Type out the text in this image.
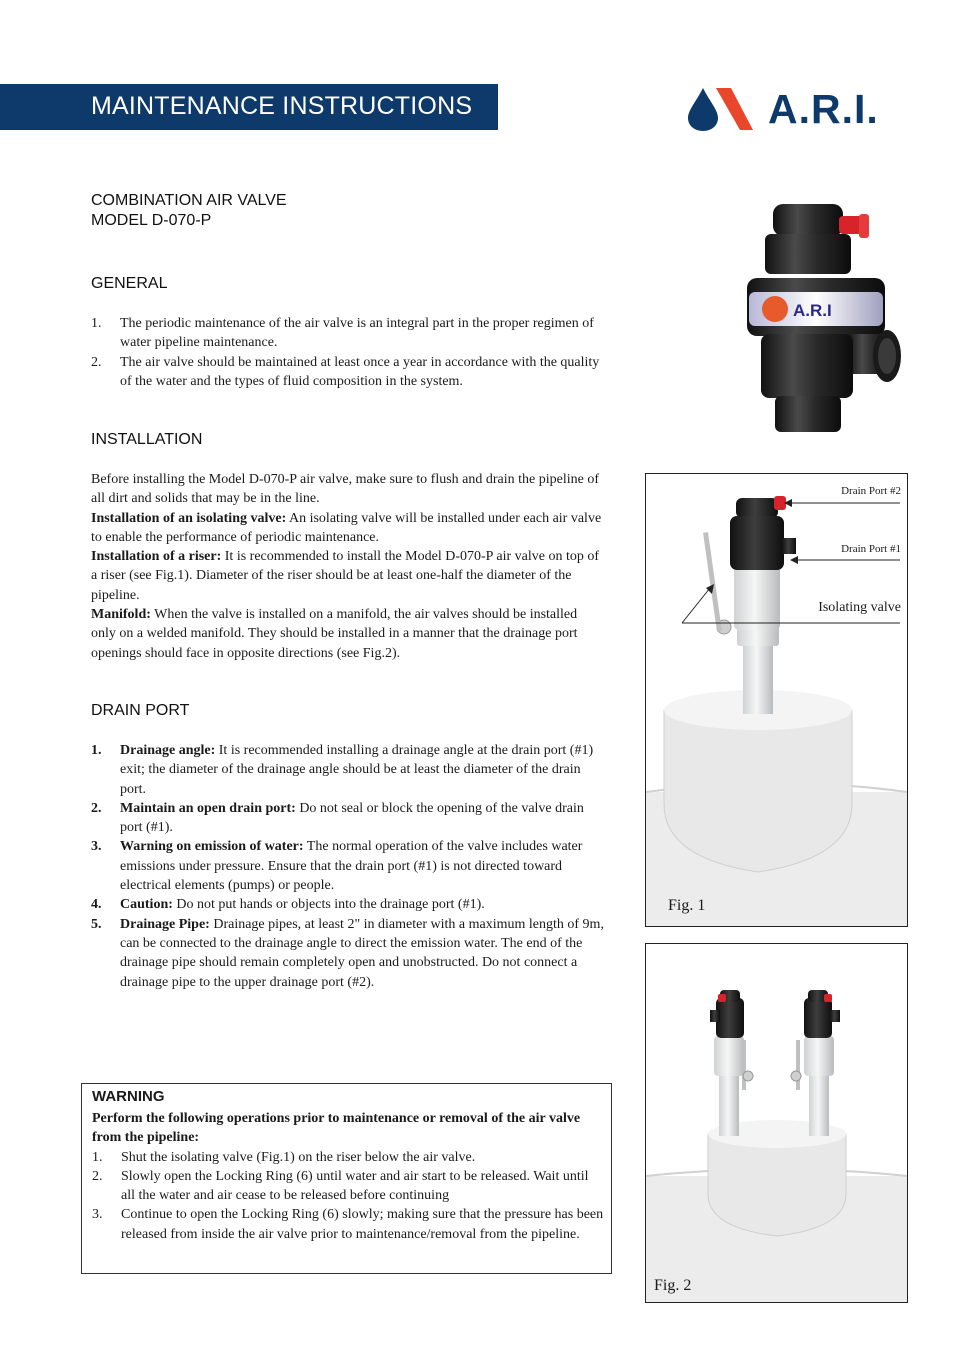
MAINTENANCE INSTRUCTIONS	A.R.I.
COMBINATION AIR VALVE
MODEL D-070-P
A.R.I
GENERAL
1. The periodic maintenance of the air valve is an integral part in the proper regimen of water pipeline maintenance.
2. The air valve should be maintained at least once a year in accordance with the quality of the water and the types of fluid composition in the system.
INSTALLATION

Before installing the Model D-070-P air valve, make sure to flush and drain the pipeline of all dirt and solids that may be in the line.

Installation of an isolating valve: An isolating valve will be installed under each air valve to enable the performance of periodic maintenance.

Installation of a riser: It is recommended to install the Model D-070-P air valve on top of a riser (see Fig.1). Diameter of the riser should be at least one-half the diameter of the pipeline.

Manifold: When the valve is installed on a manifold, the air valves should be installed only on a welded manifold. They should be installed in a manner that the drainage port openings should face in opposite directions (see Fig.2).

DRAIN PORT
1. Drainage angle: It is recommended installing a drainage angle at the drain port (#1) exit; the diameter of the drainage angle should be at least the diameter of the drain port.
2. Maintain an open drain port: Do not seal or block the opening of the valve drain port (#1).
3. Warning on emission of water: The normal operation of the valve includes water emissions under pressure. Ensure that the drain port (#1) is not directed toward electrical elements (pumps) or people.
4. Caution: Do not put hands or objects into the drainage port (#1).
5. Drainage Pipe: Drainage pipes, at least 2" in diameter with a maximum length of 9m, can be connected to the drainage angle to direct the emission water. The end of the drainage pipe should remain completely open and unobstructed. Do not connect a drainage pipe to the upper drainage port (#2).
WARNING

Perform the following operations prior to maintenance or removal of the air valve from the pipeline:

1. Shut the isolating valve (Fig.1) on the riser below the air valve.
2. Slowly open the Locking Ring (6) until water and air start to be released. Wait until all the water and air cease to be released before continuing
3. Continue to open the Locking Ring (6) slowly; making sure that the pressure has been released from inside the air valve prior to maintenance/removal from the pipeline.
Drain Port #2
Drain Port #1
Isolating valve
Fig. 1
Fig. 2
